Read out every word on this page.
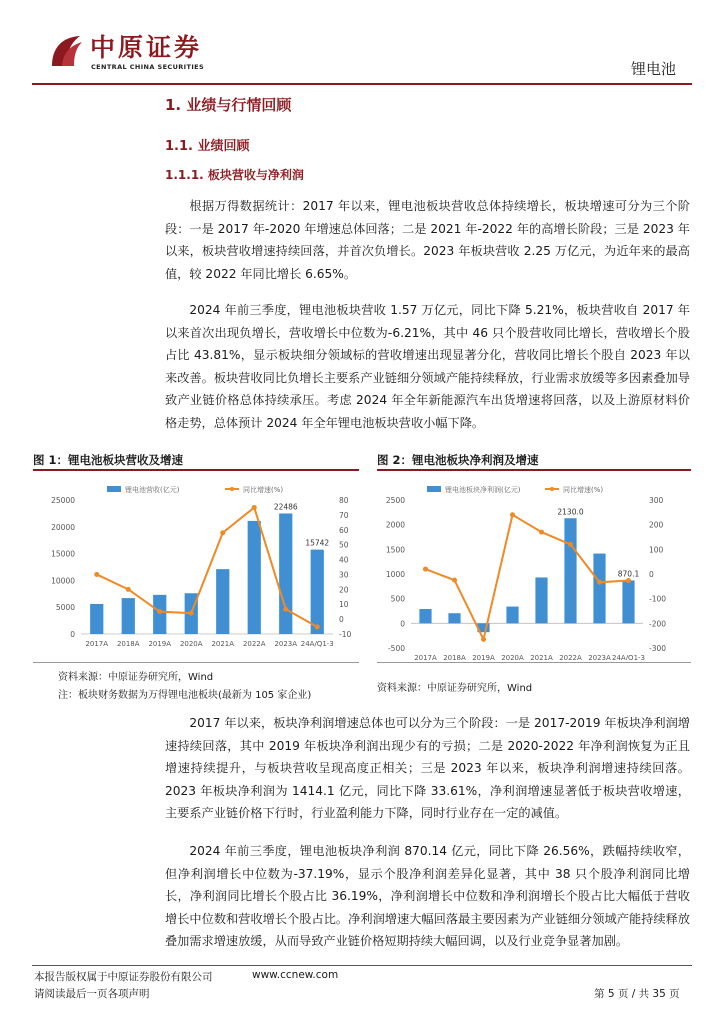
中原证券
CENTRAL CHINA SECURITIES	锂电池
1. 业绩与行情回顾
1.1. 业绩回顾
1.1.1. 板块营收与净利润
根据万得数据统计：2017 年以来，锂电池板块营收总体持续增长，板块增速可分为三个阶段：一是 2017 年-2020 年增速总体回落；二是 2021 年-2022 年的高增长阶段；三是 2023 年以来，板块营收增速持续回落，并首次负增长。2023 年板块营收 2.25 万亿元，为近年来的最高值，较 2022 年同比增长 6.65%。
2024 年前三季度，锂电池板块营收 1.57 万亿元，同比下降 5.21%，板块营收自 2017 年以来首次出现负增长，营收增长中位数为-6.21%，其中 46 只个股营收同比增长，营收增长个股占比 43.81%，显示板块细分领域标的营收增速出现显著分化，营收同比增长个股自 2023 年以来改善。板块营收同比负增长主要系产业链细分领域产能持续释放，行业需求放缓等多因素叠加导致产业链价格总体持续承压。考虑 2024 年全年新能源汽车出货增速将回落，以及上游原材料价格走势，总体预计 2024 年全年锂电池板块营收小幅下降。
图 1：锂电池板块营收及增速
锂电池营收(亿元)	同比增速(%)
0
5000
10000
15000
20000
25000
-10
0
10
20
30
40
50
60
70
80
2017A 2018A 2019A 2020A 2021A 2022A 2023A 24A/Q1-3
22486
15742
资料来源：中原证券研究所，Wind
注：板块财务数据为万得锂电池板块(最新为 105 家企业)
图 2：锂电池板块净利润及增速
锂电池板块净利润(亿元)	同比增速(%)
-500
0
500
1000
1500
2000
2500
-300
-200
-100
0
100
200
300
2017A 2018A 2019A 2020A 2021A 2022A 2023A 24A/Q1-3
2130.0
870.1
资料来源：中原证券研究所，Wind
2017 年以来，板块净利润增速总体也可以分为三个阶段：一是 2017-2019 年板块净利润增速持续回落，其中 2019 年板块净利润出现少有的亏损；二是 2020-2022 年净利润恢复为正且增速持续提升，与板块营收呈现高度正相关；三是 2023 年以来，板块净利润增速持续回落。2023 年板块净利润为 1414.1 亿元，同比下降 33.61%，净利润增速显著低于板块营收增速，主要系产业链价格下行时，行业盈利能力下降，同时行业存在一定的减值。
2024 年前三季度，锂电池板块净利润 870.14 亿元，同比下降 26.56%，跌幅持续收窄，但净利润增长中位数为-37.19%，显示个股净利润差异化显著，其中 38 只个股净利润同比增长，净利润同比增长个股占比 36.19%，净利润增长中位数和净利润增长个股占比大幅低于营收增长中位数和营收增长个股占比。净利润增速大幅回落最主要因素为产业链细分领域产能持续释放叠加需求增速放缓，从而导致产业链价格短期持续大幅回调，以及行业竞争显著加剧。
本报告版权属于中原证券股份有限公司	www.ccnew.com
请阅读最后一页各项声明	第 5 页 / 共 35 页
